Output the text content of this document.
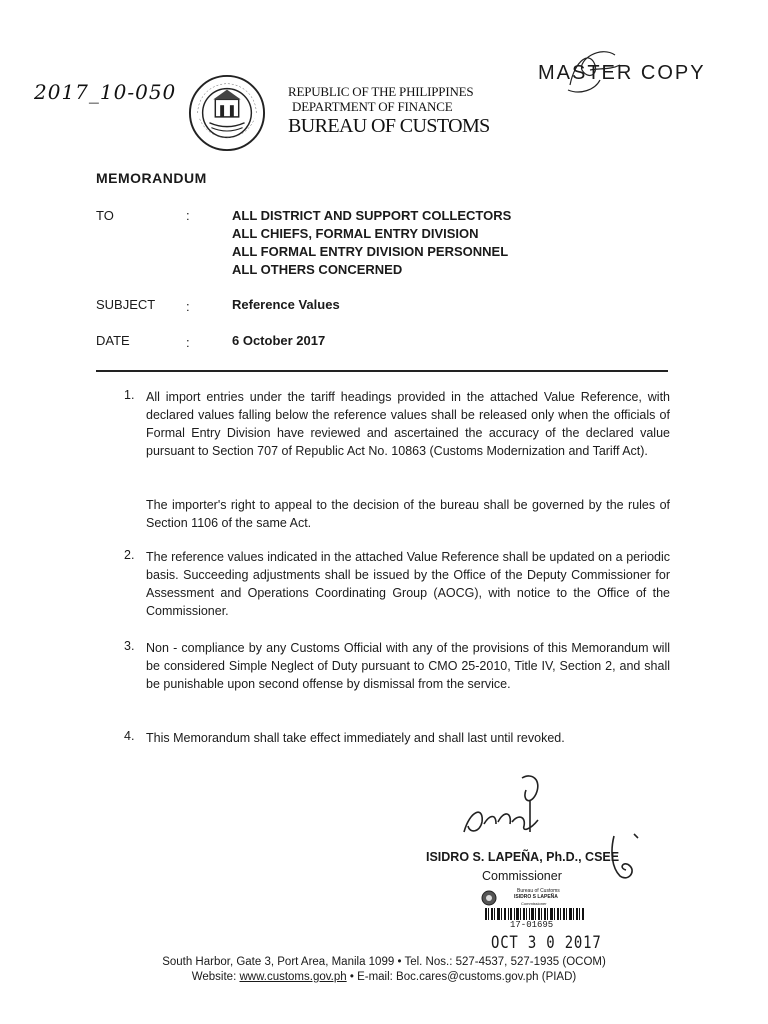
2017_10-050	REPUBLIC OF THE PHILIPPINES
DEPARTMENT OF FINANCE
BUREAU OF CUSTOMS
MASTER COPY
MEMORANDUM
TO	:	ALL DISTRICT AND SUPPORT COLLECTORS
ALL CHIEFS, FORMAL ENTRY DIVISION
ALL FORMAL ENTRY DIVISION PERSONNEL
ALL OTHERS CONCERNED
SUBJECT :	Reference Values
DATE	:	6 October 2017
1. All import entries under the tariff headings provided in the attached Value Reference, with declared values falling below the reference values shall be released only when the officials of Formal Entry Division have reviewed and ascertained the accuracy of the declared value pursuant to Section 707 of Republic Act No. 10863 (Customs Modernization and Tariff Act).
The importer's right to appeal to the decision of the bureau shall be governed by the rules of Section 1106 of the same Act.
2. The reference values indicated in the attached Value Reference shall be updated on a periodic basis. Succeeding adjustments shall be issued by the Office of the Deputy Commissioner for Assessment and Operations Coordinating Group (AOCG), with notice to the Office of the Commissioner.
3. Non - compliance by any Customs Official with any of the provisions of this Memorandum will be considered Simple Neglect of Duty pursuant to CMO 25-2010, Title IV, Section 2, and shall be punishable upon second offense by dismissal from the service.
4. This Memorandum shall take effect immediately and shall last until revoked.
ISIDRO S. LAPEÑA, Ph.D., CSEE
Commissioner
Bureau of Customs
ISIDRO S LAPEÑA
Commissioner
17-01695
OCT 3 0 2017
South Harbor, Gate 3, Port Area, Manila 1099 • Tel. Nos.: 527-4537, 527-1935 (OCOM)
Website: www.customs.gov.ph • E-mail: Boc.cares@customs.gov.ph (PIAD)
